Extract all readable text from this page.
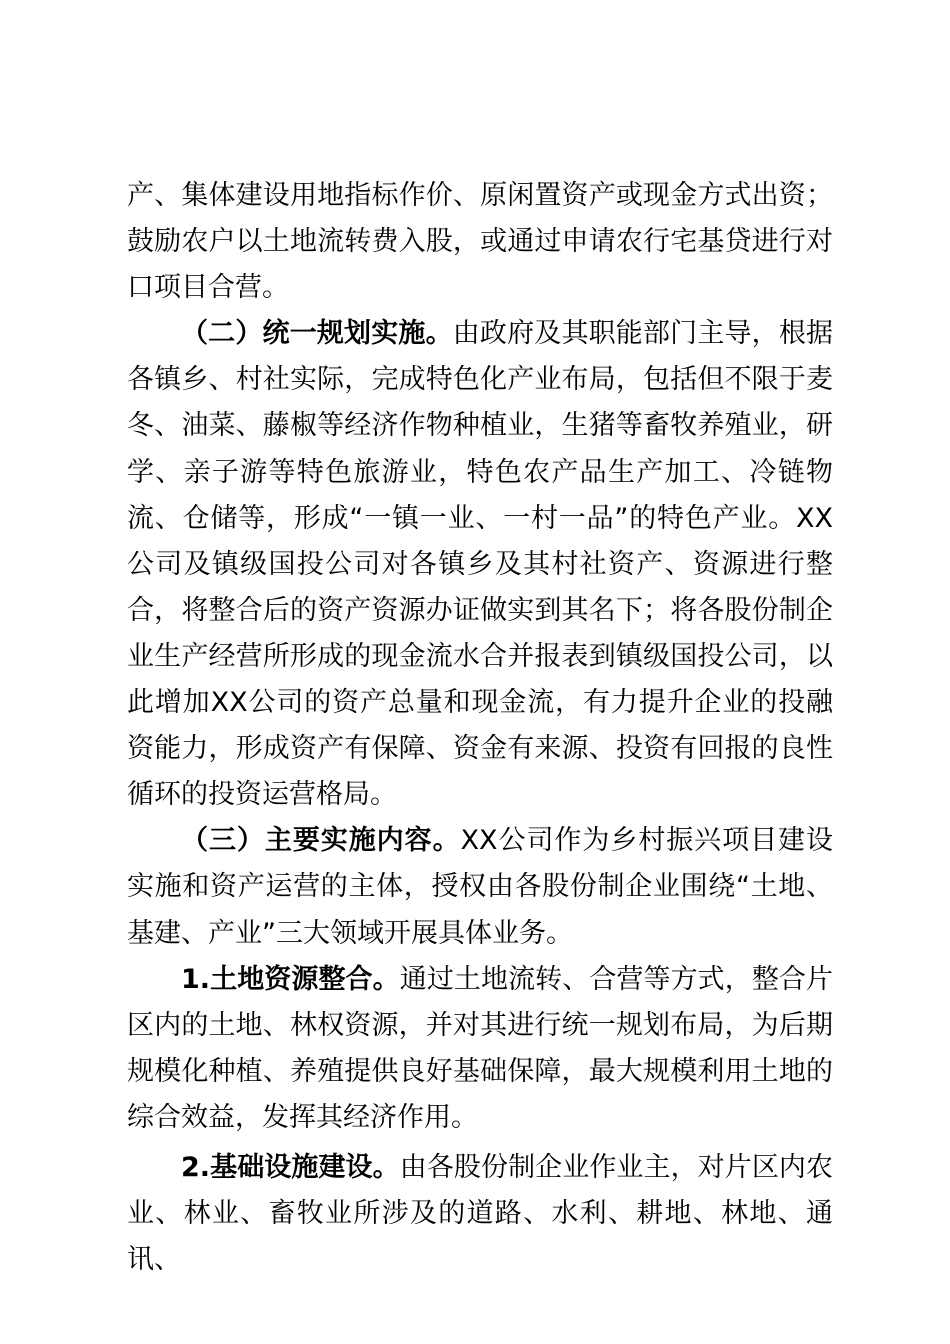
产、集体建设用地指标作价、原闲置资产或现金方式出资；鼓励农户以土地流转费入股，或通过申请农行宅基贷进行对口项目合营。

（二）统一规划实施。由政府及其职能部门主导，根据各镇乡、村社实际，完成特色化产业布局，包括但不限于麦冬、油菜、藤椒等经济作物种植业，生猪等畜牧养殖业，研学、亲子游等特色旅游业，特色农产品生产加工、冷链物流、仓储等，形成“一镇一业、一村一品”的特色产业。XX公司及镇级国投公司对各镇乡及其村社资产、资源进行整合，将整合后的资产资源办证做实到其名下；将各股份制企业生产经营所形成的现金流水合并报表到镇级国投公司，以此增加XX公司的资产总量和现金流，有力提升企业的投融资能力，形成资产有保障、资金有来源、投资有回报的良性循环的投资运营格局。

（三）主要实施内容。XX公司作为乡村振兴项目建设实施和资产运营的主体，授权由各股份制企业围绕“土地、基建、产业”三大领域开展具体业务。

1.土地资源整合。通过土地流转、合营等方式，整合片区内的土地、林权资源，并对其进行统一规划布局，为后期规模化种植、养殖提供良好基础保障，最大规模利用土地的综合效益，发挥其经济作用。

2.基础设施建设。由各股份制企业作业主，对片区内农业、林业、畜牧业所涉及的道路、水利、耕地、林地、通讯、
